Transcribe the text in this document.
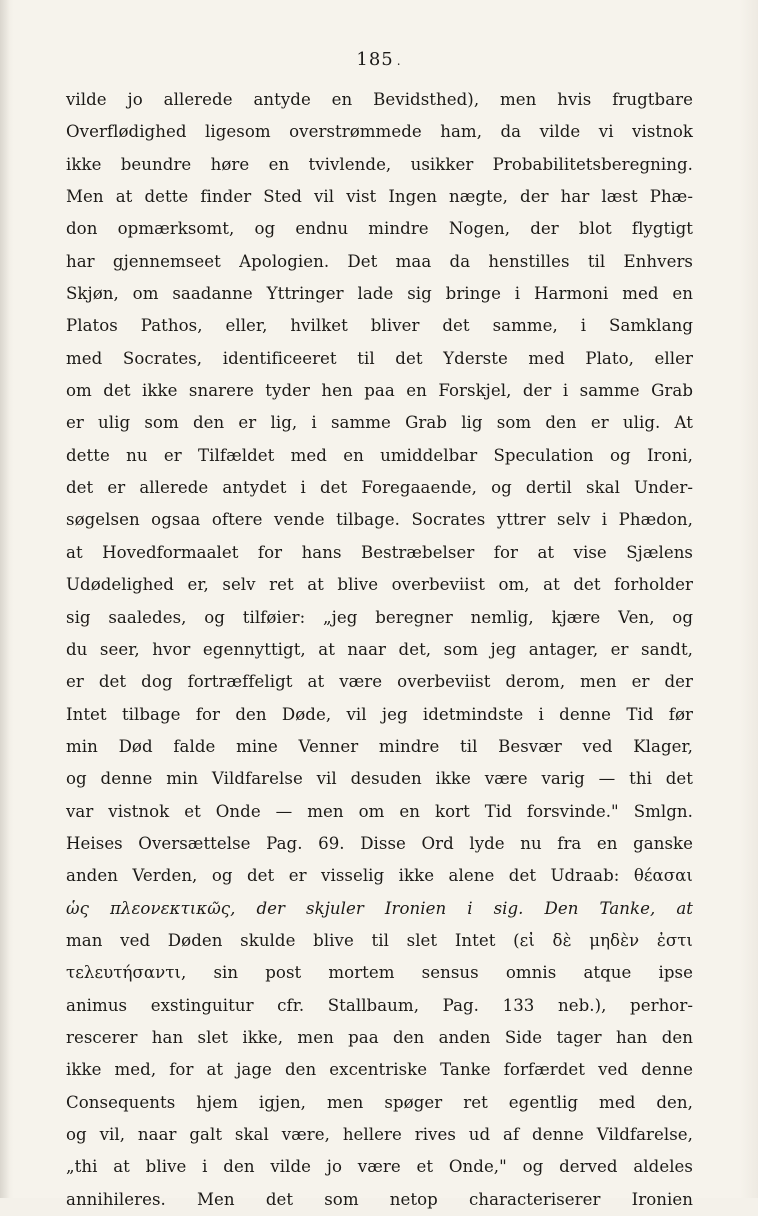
185 .
vilde jo allerede antyde en Bevidsthed), men hvis frugtbare
Overflødighed ligesom overstrømmede ham, da vilde vi vistnok
ikke beundre høre en tvivlende, usikker Probabilitetsberegning.
Men at dette finder Sted vil vist Ingen nægte, der har læst Phæ-
don opmærksomt, og endnu mindre Nogen, der blot flygtigt
har gjennemseet Apologien. Det maa da henstilles til Enhvers
Skjøn, om saadanne Yttringer lade sig bringe i Harmoni med en
Platos Pathos, eller, hvilket bliver det samme, i Samklang
med Socrates, identificeeret til det Yderste med Plato, eller
om det ikke snarere tyder hen paa en Forskjel, der i samme Grab
er ulig som den er lig, i samme Grab lig som den er ulig. At
dette nu er Tilfældet med en umiddelbar Speculation og Ironi,
det er allerede antydet i det Foregaaende, og dertil skal Under-
søgelsen ogsaa oftere vende tilbage. Socrates yttrer selv i Phædon,
at Hovedformaalet for hans Bestræbelser for at vise Sjælens
Udødelighed er, selv ret at blive overbeviist om, at det forholder
sig saaledes, og tilføier: „jeg beregner nemlig, kjære Ven, og
du seer, hvor egennyttigt, at naar det, som jeg antager, er sandt,
er det dog fortræffeligt at være overbeviist derom, men er der
Intet tilbage for den Døde, vil jeg idetmindste i denne Tid før
min Død falde mine Venner mindre til Besvær ved Klager,
og denne min Vildfarelse vil desuden ikke være varig — thi det
var vistnok et Onde — men om en kort Tid forsvinde." Smlgn.
Heises Oversættelse Pag. 69. Disse Ord lyde nu fra en ganske
anden Verden, og det er visselig ikke alene det Udraab: θέασαι
ὡς πλεονεκτικῶς, der skjuler Ironien i sig. Den Tanke, at
man ved Døden skulde blive til slet Intet (εἰ δὲ μηδὲν ἐστι
τελευτήσαντι, sin post mortem sensus omnis atque ipse
animus exstinguitur cfr. Stallbaum, Pag. 133 neb.), perhor-
rescerer han slet ikke, men paa den anden Side tager han den
ikke med, for at jage den excentriske Tanke forfærdet ved denne
Consequents hjem igjen, men spøger ret egentlig med den,
og vil, naar galt skal være, hellere rives ud af denne Vildfarelse,
„thi at blive i den vilde jo være et Onde," og derved aldeles
annihileres. Men det som netop characteriserer Ironien
